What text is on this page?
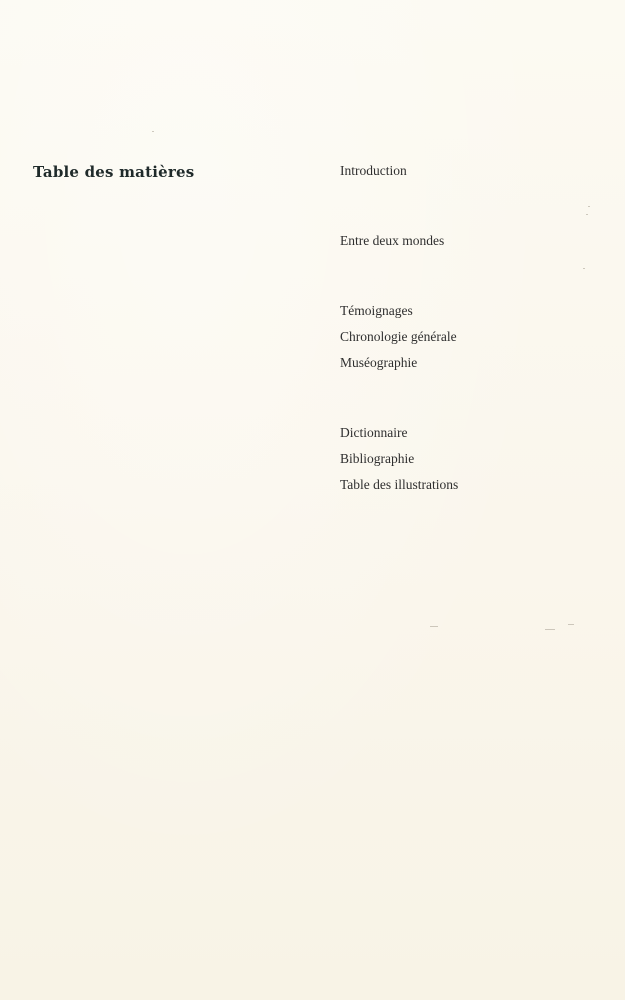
Table des matières	Introduction
Entre deux mondes
Témoignages
Chronologie générale
Muséographie
Dictionnaire
Bibliographie
Table des illustrations
